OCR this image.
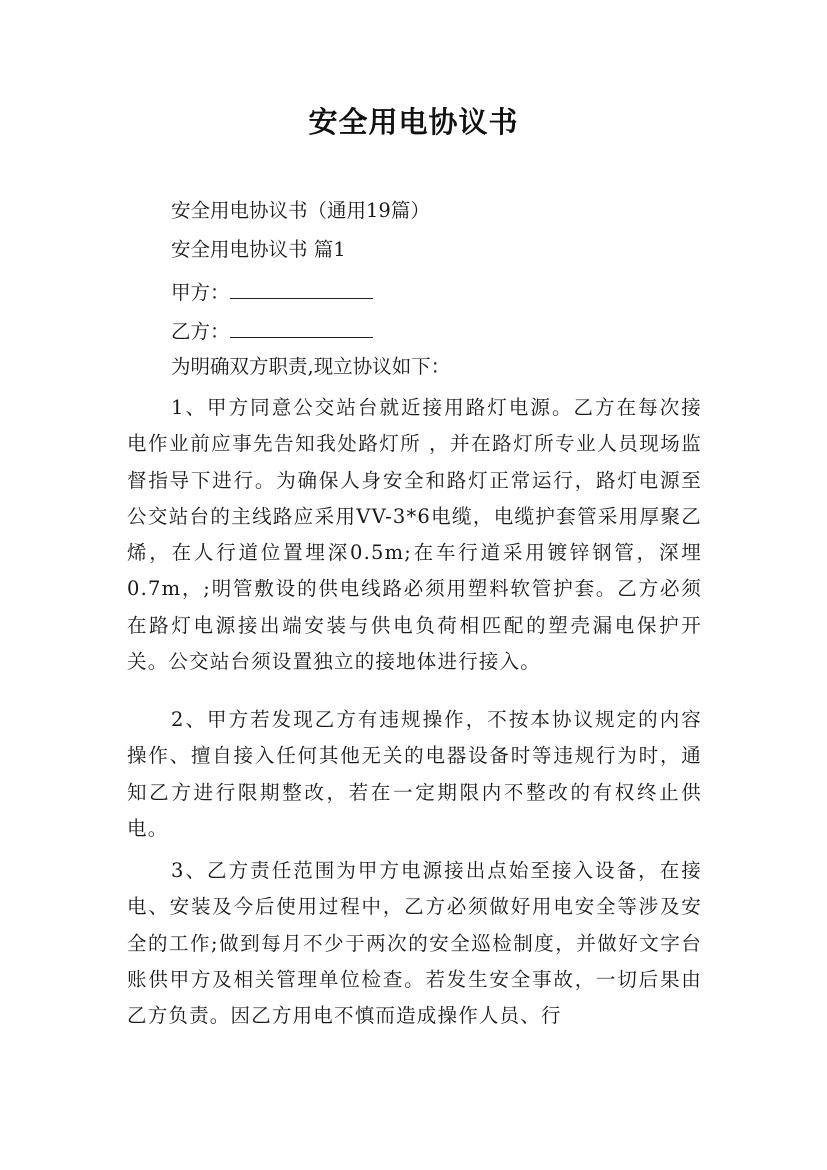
安全用电协议书
安全用电协议书（通用19篇）
安全用电协议书 篇1
甲方：
乙方：
为明确双方职责,现立协议如下：
1、甲方同意公交站台就近接用路灯电源。乙方在每次接电作业前应事先告知我处路灯所 ，并在路灯所专业人员现场监督指导下进行。为确保人身安全和路灯正常运行，路灯电源至公交站台的主线路应采用VV-3*6电缆，电缆护套管采用厚聚乙烯，在人行道位置埋深0.5m;在车行道采用镀锌钢管，深埋0.7m，;明管敷设的供电线路必须用塑料软管护套。乙方必须在路灯电源接出端安装与供电负荷相匹配的塑壳漏电保护开关。公交站台须设置独立的接地体进行接入。
2、甲方若发现乙方有违规操作，不按本协议规定的内容操作、擅自接入任何其他无关的电器设备时等违规行为时，通知乙方进行限期整改，若在一定期限内不整改的有权终止供电。
3、乙方责任范围为甲方电源接出点始至接入设备，在接电、安装及今后使用过程中，乙方必须做好用电安全等涉及安全的工作;做到每月不少于两次的安全巡检制度，并做好文字台账供甲方及相关管理单位检查。若发生安全事故，一切后果由乙方负责。因乙方用电不慎而造成操作人员、行
